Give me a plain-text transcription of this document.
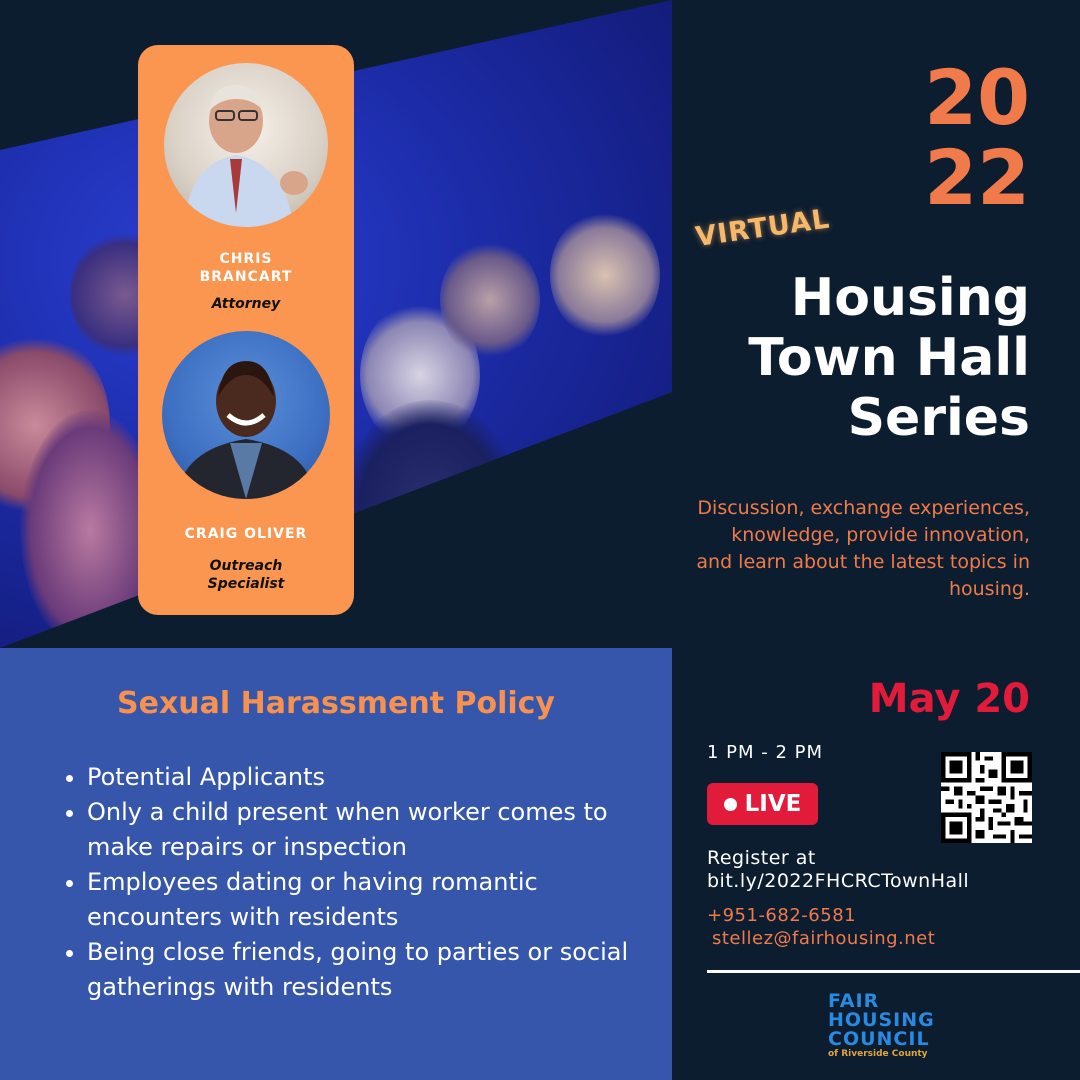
CHRIS
BRANCART
Attorney
CRAIG OLIVER
Outreach
Specialist
20
22
VIRTUAL
Housing
Town Hall
Series
Discussion, exchange experiences, knowledge, provide innovation, and learn about the latest topics in housing.
May 20
1 PM - 2 PM
LIVE
Register at
bit.ly/2022FHCRCTownHall
+951-682-6581
stellez@fairhousing.net
FAIR
HOUSING
COUNCIL
of Riverside County
Sexual Harassment Policy
• Potential Applicants
• Only a child present when worker comes to make repairs or inspection
• Employees dating or having romantic encounters with residents
• Being close friends, going to parties or social gatherings with residents
